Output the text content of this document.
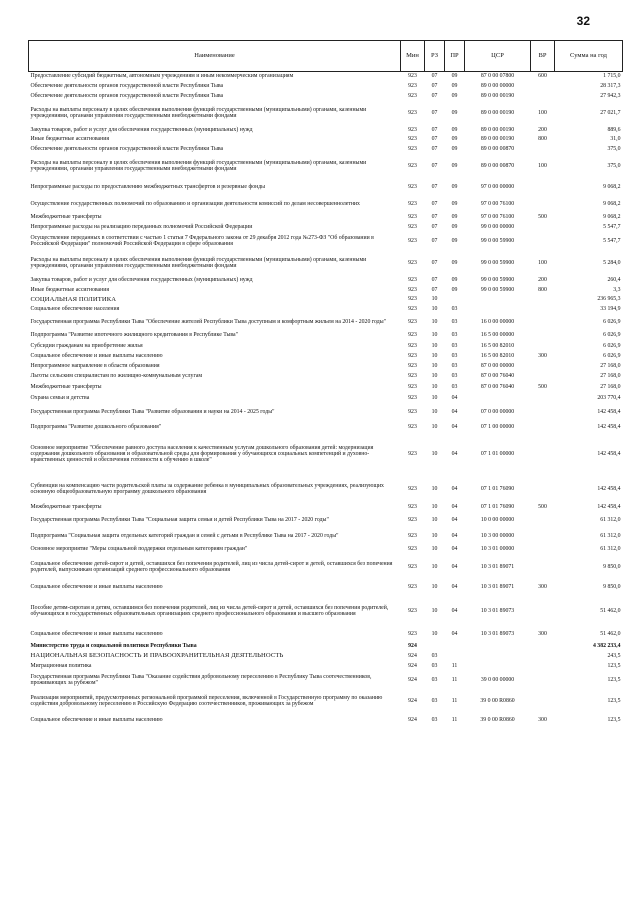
32
Наименование	Мин	РЗ	ПР	ЦСР	ВР	Сумма на год
Предоставление субсидий бюджетным, автономным учреждениям и иным некоммерческим организациям	923	07	09	87 0 00 07800	600	1 715,0
Обеспечение деятельности органов государственной власти Республики Тыва	923	07	09	89 0 00 00000		28 317,3
Обеспечение деятельности органов государственной власти Республики Тыва	923	07	09	89 0 00 00190		27 942,3
Расходы на выплаты персоналу в целях обеспечения выполнения функций государственными (муниципальными) органами, казенными учреждениями, органами управления государственными внебюджетными фондами	923	07	09	89 0 00 00190	100	27 021,7
Закупка товаров, работ и услуг для обеспечения государственных (муниципальных) нужд	923	07	09	89 0 00 00190	200	889,6
Иные бюджетные ассигнования	923	07	09	89 0 00 00190	800	31,0
Обеспечение деятельности органов государственной власти Республики Тыва	923	07	09	89 0 00 00870		375,0
Расходы на выплаты персоналу в целях обеспечения выполнения функций государственными (муниципальными) органами, казенными учреждениями, органами управления государственными внебюджетными фондами	923	07	09	89 0 00 00870	100	375,0
Непрограммные расходы по предоставлению межбюджетных трансфертов и резервные фонды	923	07	09	97 0 00 00000		9 068,2
Осуществление государственных полномочий по образованию и организации деятельности комиссий по делам несовершеннолетних	923	07	09	97 0 00 76100		9 068,2
Межбюджетные трансферты	923	07	09	97 0 00 76100	500	9 068,2
Непрограммные расходы на реализацию переданных полномочий Российской Федерации	923	07	09	99 0 00 00000		5 547,7
Осуществление переданных в соответствии с частью 1 статьи 7 Федерального закона от 29 декабря 2012 года №273-ФЗ "Об образовании в Российской Федерации" полномочий Российской Федерации в сфере образования	923	07	09	99 0 00 59900		5 547,7
Расходы на выплаты персоналу в целях обеспечения выполнения функций государственными (муниципальными) органами, казенными учреждениями, органами управления государственными внебюджетными фондами	923	07	09	99 0 00 59900	100	5 284,0
Закупка товаров, работ и услуг для обеспечения государственных (муниципальных) нужд	923	07	09	99 0 00 59900	200	260,4
Иные бюджетные ассигнования	923	07	09	99 0 00 59900	800	3,3
СОЦИАЛЬНАЯ ПОЛИТИКА	923	10				236 965,3
Социальное обеспечение населения	923	10	03			33 194,9
Государственная программа Республики Тыва "Обеспечение жителей Республики Тыва доступным и комфортным жильем на 2014 - 2020 годы"	923	10	03	16 0 00 00000		6 026,9
Подпрограмма "Развитие ипотечного жилищного кредитования в Республике Тыва"	923	10	03	16 5 00 00000		6 026,9
Субсидии гражданам на приобретение жилья	923	10	03	16 5 00 82010		6 026,9
Социальное обеспечение и иные выплаты населению	923	10	03	16 5 00 82010	300	6 026,9
Непрограммное направление в области образования	923	10	03	87 0 00 00000		27 168,0
Льготы сельским специалистам по жилищно-коммунальным услугам	923	10	03	87 0 00 76040		27 168,0
Межбюджетные трансферты	923	10	03	87 0 00 76040	500	27 168,0
Охрана семьи и детства	923	10	04			203 770,4
Государственная программа Республики Тыва "Развитие образования и науки на 2014 - 2025 годы"	923	10	04	07 0 00 00000		142 458,4
Подпрограмма "Развитие дошкольного образования"	923	10	04	07 1 00 00000		142 458,4
Основное мероприятие "Обеспечение равного доступа населения к качественным услугам дошкольного образования детей: модернизация содержания дошкольного образования и образовательной среды для формирования у обучающихся социальных компетенций и духовно-нравственных ценностей и обеспечения готовности к обучению в школе"	923	10	04	07 1 01 00000		142 458,4
Субвенции на компенсацию части родительской платы за содержание ребенка в муниципальных образовательных учреждениях, реализующих основную общеобразовательную программу дошкольного образования	923	10	04	07 1 01 76090		142 458,4
Межбюджетные трансферты	923	10	04	07 1 01 76090	500	142 458,4
Государственная программа Республики Тыва "Социальная защита семьи и детей Республики Тыва на 2017 - 2020 годы"	923	10	04	10 0 00 00000		61 312,0
Подпрограмма "Социальная защита отдельных категорий граждан и семей с детьми в Республике Тыва на 2017 - 2020 годы"	923	10	04	10 3 00 00000		61 312,0
Основное мероприятие "Меры социальной поддержки отдельным категориям граждан"	923	10	04	10 3 01 00000		61 312,0
Социальное обеспечение детей-сирот и детей, оставшихся без попечения родителей, лиц из числа детей-сирот и детей, оставшихся без попечения родителей, выпускникам организаций среднего профессионального образования	923	10	04	10 3 01 89071		9 850,0
Социальное обеспечение и иные выплаты населению	923	10	04	10 3 01 89071	300	9 850,0
Пособие детям-сиротам и детям, оставшимся без попечения родителей, лиц из числа детей-сирот и детей, оставшихся без попечения родителей, обучающихся в государственных образовательных организациях среднего профессионального образования и высшего образования	923	10	04	10 3 01 89073		51 462,0
Социальное обеспечение и иные выплаты населению	923	10	04	10 3 01 89073	300	51 462,0
Министерство труда и социальной политики Республики Тыва	924					4 382 233,4
НАЦИОНАЛЬНАЯ БЕЗОПАСНОСТЬ И ПРАВООХРАНИТЕЛЬНАЯ ДЕЯТЕЛЬНОСТЬ	924	03				243,5
Миграционная политика	924	03	11			123,5
Государственная программа Республики Тыва "Оказание содействия добровольному переселению в Республику Тыва соотечественников, проживающих за рубежом"	924	03	11	39 0 00 00000		123,5
Реализация мероприятий, предусмотренных региональной программой переселения, включенной в Государственную программу по оказанию содействия добровольному переселению в Российскую Федерацию соотечественников, проживающих за рубежом	924	03	11	39 0 00 R0860		123,5
Социальное обеспечение и иные выплаты населению	924	03	11	39 0 00 R0860	300	123,5
